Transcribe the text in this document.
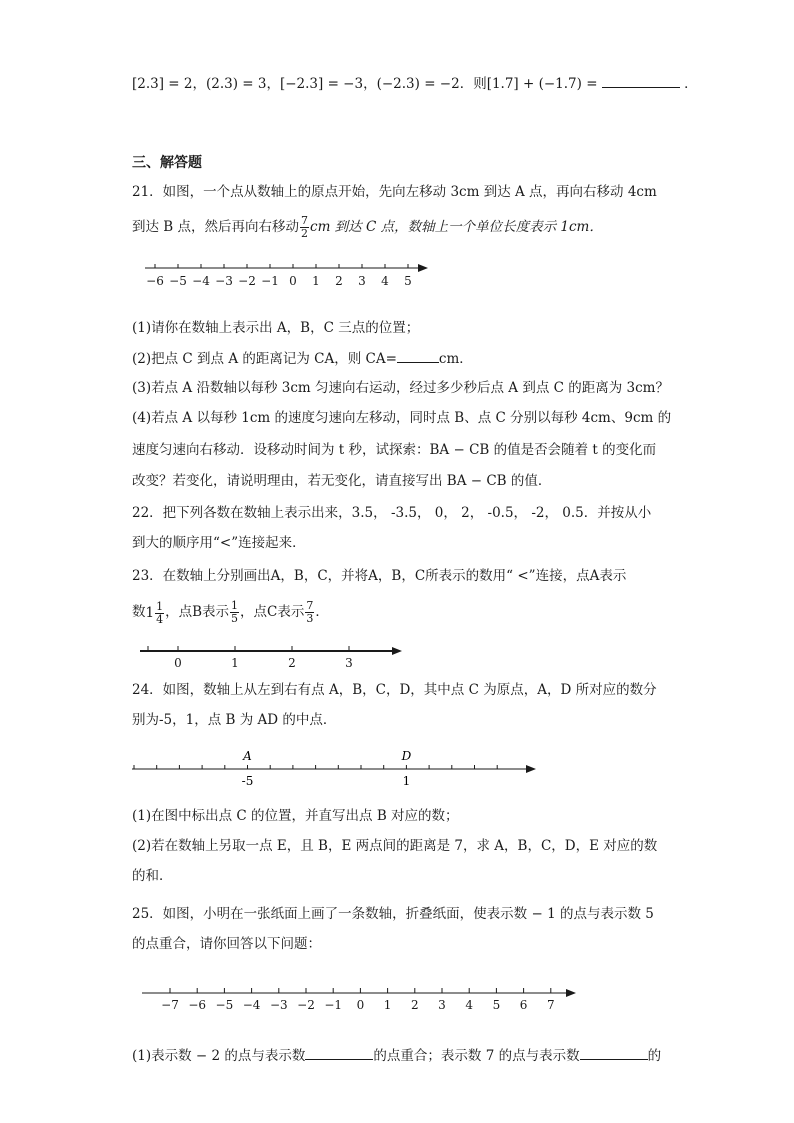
[2.3] = 2，(2.3) = 3，[−2.3] = −3，(−2.3) = −2．则[1.7] + (−1.7) =	．
三、解答题
21．如图，一个点从数轴上的原点开始，先向左移动 3cm 到达 A 点，再向右移动 4cm
到达 B 点，然后再向右移动 $\frac{7}{2}$ cm 到达 C 点，数轴上一个单位长度表示 1cm．
−6 −5 −4 −3 −2 −1 0 1 2 3 4 5
0	1	2	3
A	D
-5	1
−7 −6 −5 −4 −3 −2 −1 0 1 2 3 4 5 6 7
(1)请你在数轴上表示出 A，B，C 三点的位置；
(2)把点 C 到点 A 的距离记为 CA，则 CA=	cm．
(3)若点 A 沿数轴以每秒 3cm 匀速向右运动，经过多少秒后点 A 到点 C 的距离为 3cm？
(4)若点 A 以每秒 1cm 的速度匀速向左移动，同时点 B、点 C 分别以每秒 4cm、9cm 的
速度匀速向右移动．设移动时间为 t 秒，试探索：BA − CB 的值是否会随着 t 的变化而
改变？若变化，请说明理由，若无变化，请直接写出 BA − CB 的值．
22．把下列各数在数轴上表示出来，3.5， -3.5， 0， 2， -0.5， -2， 0.5．并按从小
到大的顺序用“<”连接起来．
23．在数轴上分别画出A，B，C，并将A，B，C所表示的数用“ <”连接，点A表示
数$1 \frac{1}{4}$ ，点B表示 $\frac{1}{5}$ ，点C表示 $\frac{7}{3}$ ．
24．如图，数轴上从左到右有点 A，B，C，D，其中点 C 为原点，A，D 所对应的数分
别为-5，1，点 B 为 AD 的中点．
(1)在图中标出点 C 的位置，并直写出点 B 对应的数；
(2)若在数轴上另取一点 E，且 B，E 两点间的距离是 7，求 A，B，C，D，E 对应的数
的和．
25．如图，小明在一张纸面上画了一条数轴，折叠纸面，使表示数 − 1 的点与表示数 5
的点重合，请你回答以下问题：
(1)表示数 − 2 的点与表示数	的点重合；表示数 7 的点与表示数	的
